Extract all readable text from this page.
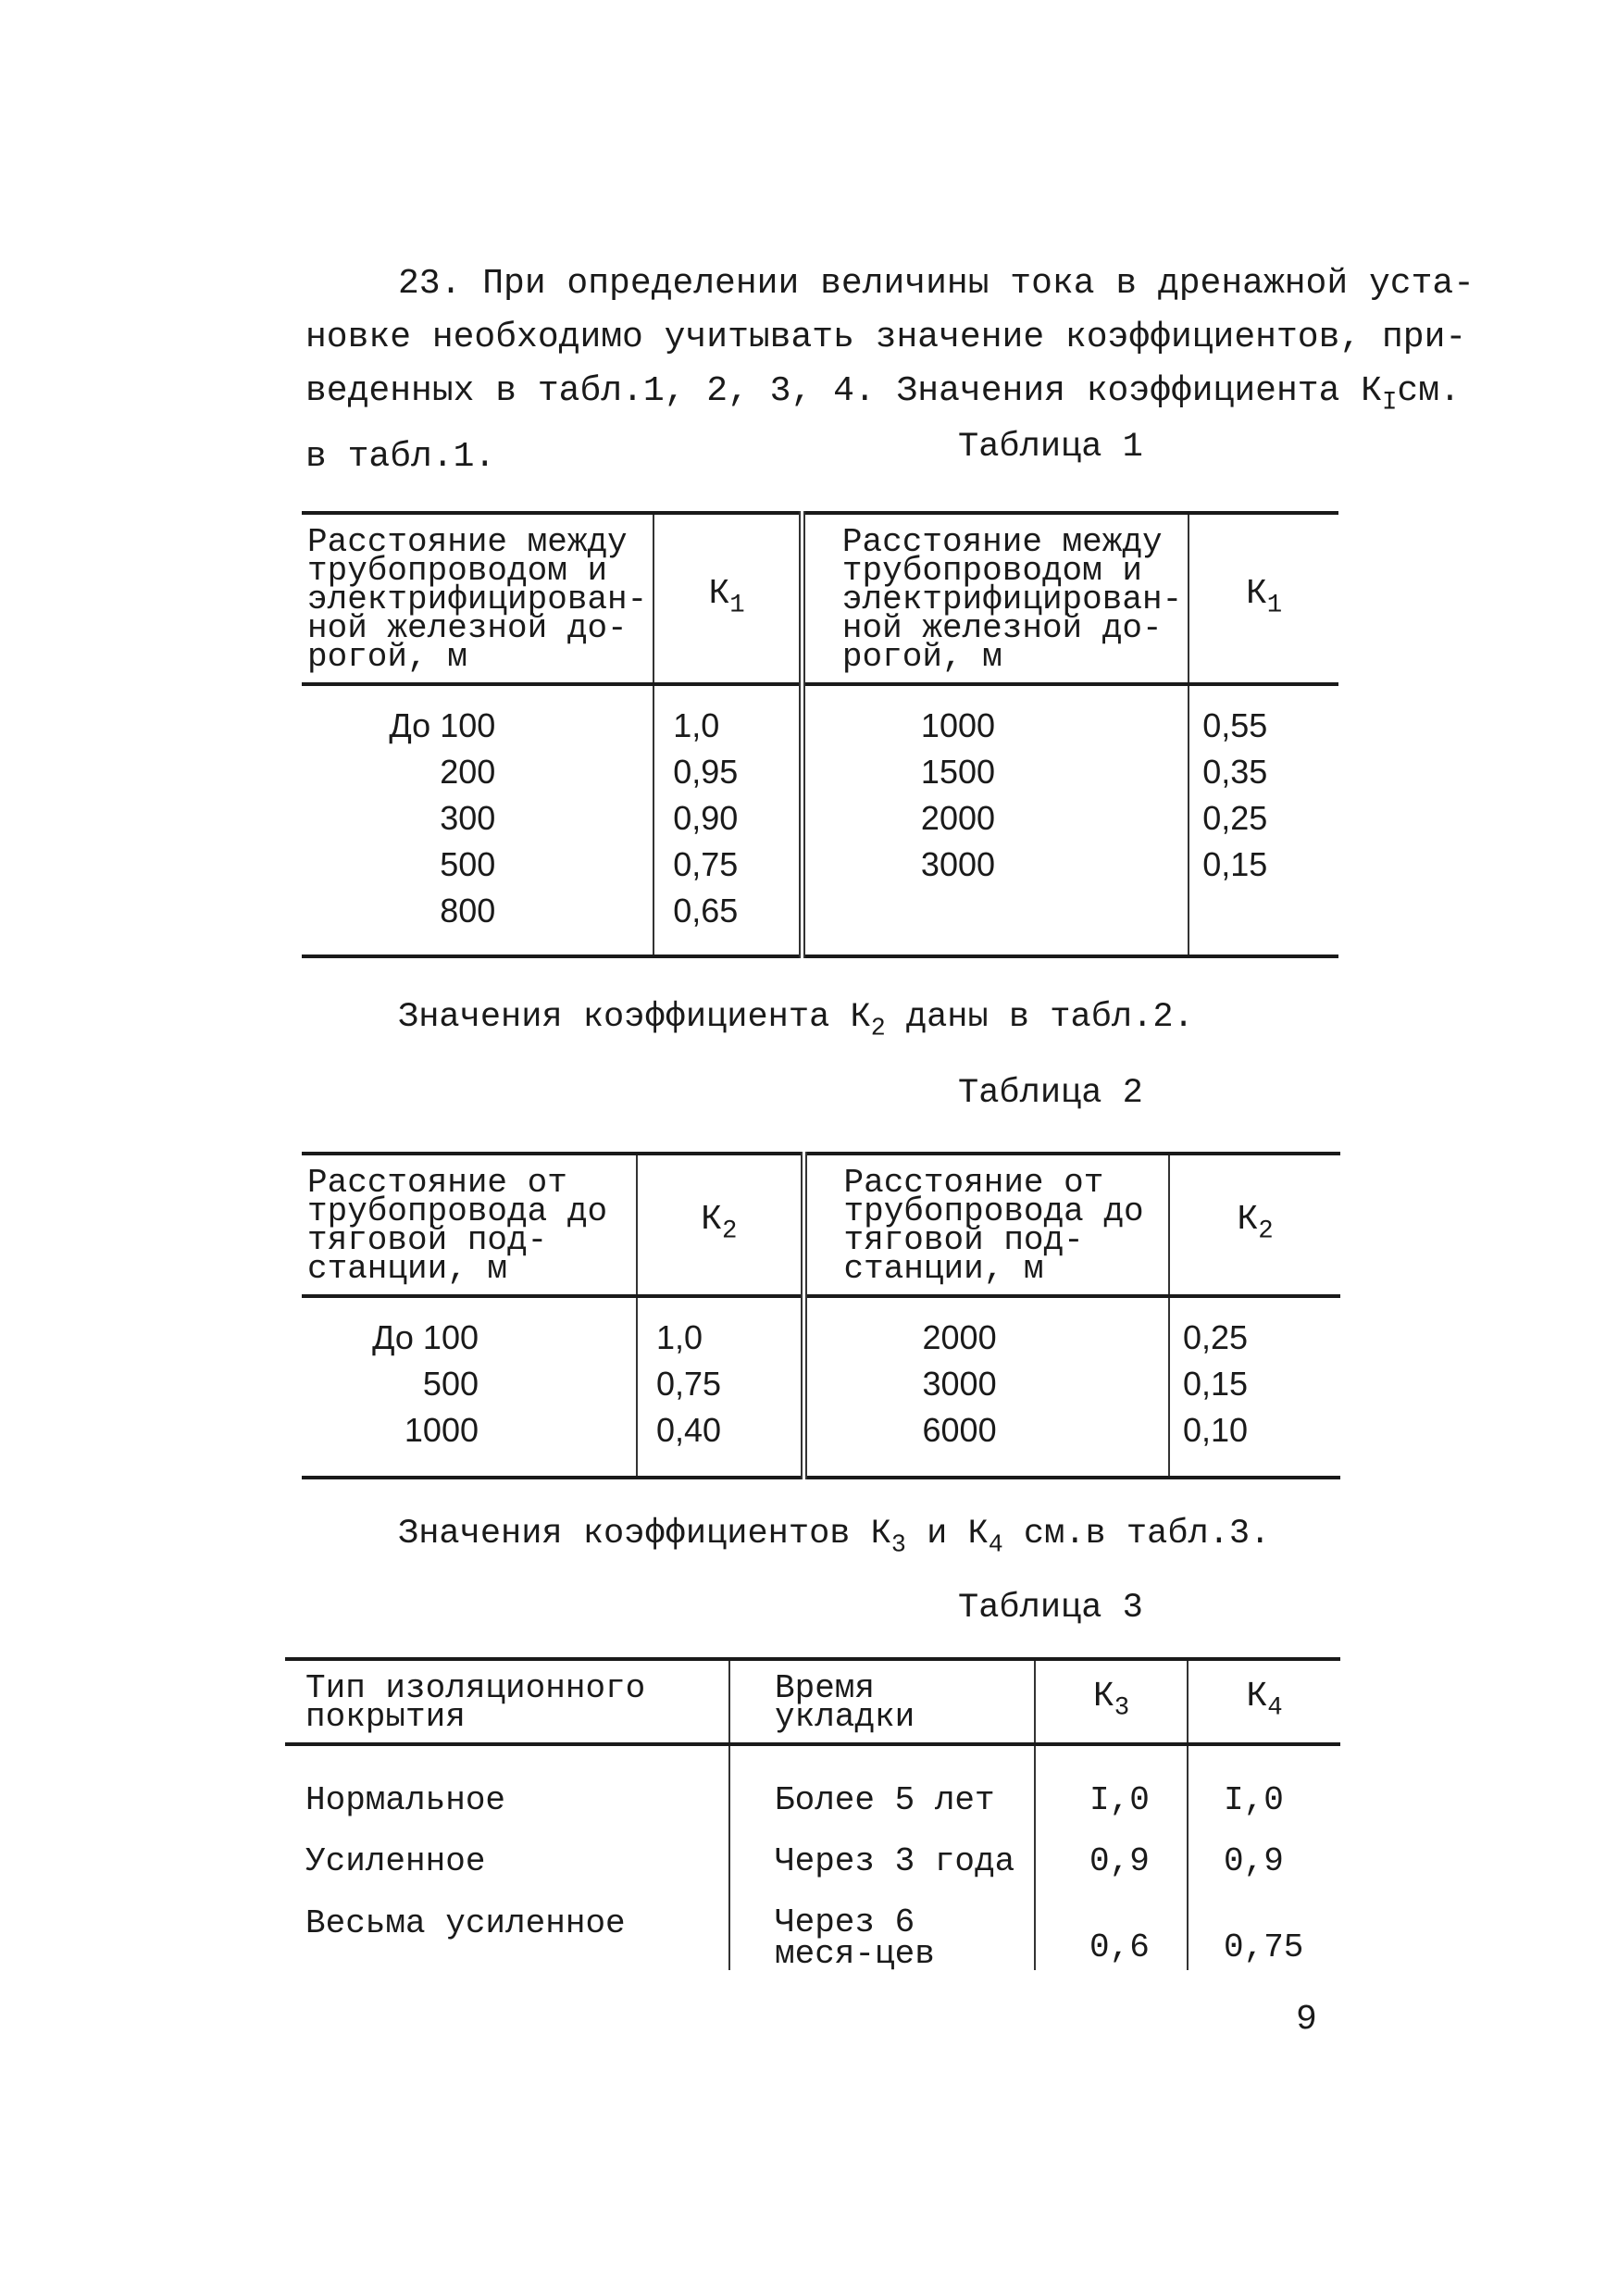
23. При определении величины тока в дренажной уста-

новке необходимо учитывать значение коэффициентов, при-

веденных в табл.1, 2, 3, 4. Значения коэффициента $К_Iсм$.

в табл.1.	Таблица 1
Расстояние между трубопроводом и электрифицирован-ной железной до-рогой, м	$К_1$	Расстояние между трубопроводом и электрифицирован-ной железной до-рогой, м	$К_1$

До 100	1,0	1000	0,55
200	0,95	1500	0,35
300	0,90	2000	0,25
500	0,75	3000	0,15
800	0,65		
Значения коэффициента $К_2$ даны в табл.2.
Таблица 2
Расстояние от трубопровода до тяговой под-станции, м	$К_2$	Расстояние от трубопровода до тяговой под-станции, м	$К_2$

До 100	1,0	2000	0,25
500	0,75	3000	0,15
1000	0,40	6000	0,10
Значения коэффициентов $К_3$ и $К_4$ см.в табл.3.
Таблица 3
Тип изоляционного покрытия	Время укладки	$К_3$	$К_4$

Нормальное	Более 5 лет	I,0	I,0
Усиленное	Через 3 года	0,9	0,9
Весьма усиленное	Через 6 меся-цев	0,6	0,75
9
